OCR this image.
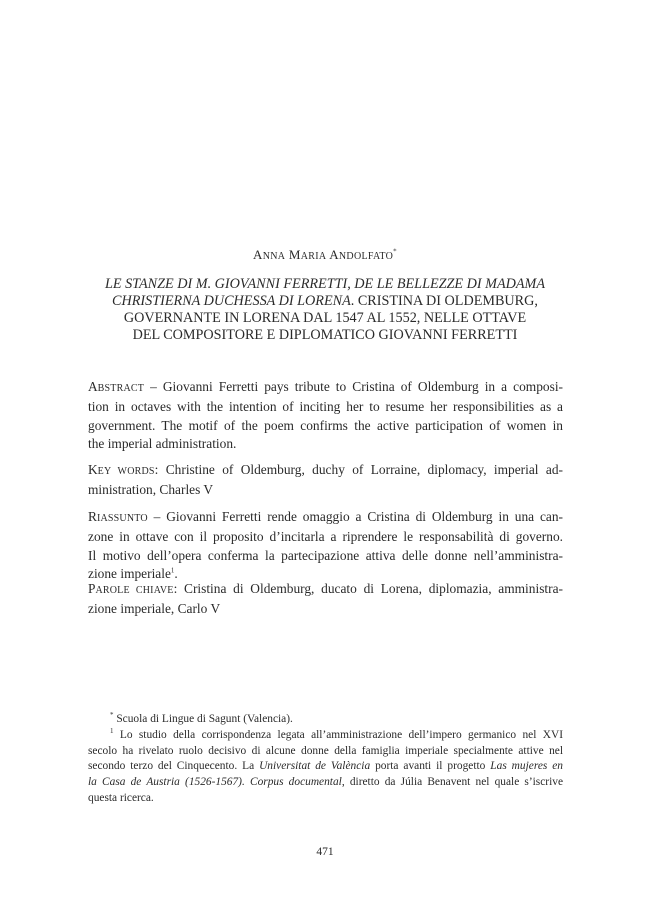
ANNA MARIA ANDOLFATO*
LE STANZE DI M. GIOVANNI FERRETTI, DE LE BELLEZZE DI MADAMA
CHRISTIERNA DUCHESSA DI LORENA. CRISTINA DI OLDEMBURG,
GOVERNANTE IN LORENA DAL 1547 AL 1552, NELLE OTTAVE
DEL COMPOSITORE E DIPLOMATICO GIOVANNI FERRETTI
ABSTRACT – Giovanni Ferretti pays tribute to Cristina of Oldemburg in a composi-
tion in octaves with the intention of inciting her to resume her responsibilities as a
government. The motif of the poem confirms the active participation of women in
the imperial administration.
KEY WORDS: Christine of Oldemburg, duchy of Lorraine, diplomacy, imperial ad-
ministration, Charles V
RIASSUNTO – Giovanni Ferretti rende omaggio a Cristina di Oldemburg in una can-
zone in ottave con il proposito d’incitarla a riprendere le responsabilità di governo.
Il motivo dell’opera conferma la partecipazione attiva delle donne nell’amministra-
zione imperiale$^1$.
PAROLE CHIAVE: Cristina di Oldemburg, ducato di Lorena, diplomazia, amministra-
zione imperiale, Carlo V
* Scuola di Lingue di Sagunt (Valencia).
$^1$ Lo studio della corrispondenza legata all’amministrazione dell’impero germanico nel XVI
secolo ha rivelato ruolo decisivo di alcune donne della famiglia imperiale specialmente attive nel
secondo terzo del Cinquecento. La Universitat de València porta avanti il progetto Las mujeres en
la Casa de Austria (1526-1567). Corpus documental, diretto da Júlia Benavent nel quale s’iscrive
questa ricerca.
471
